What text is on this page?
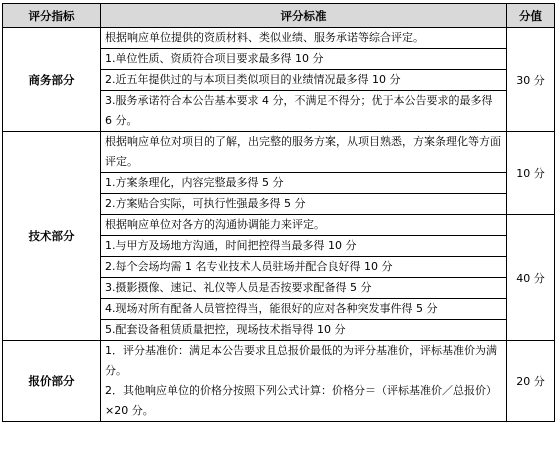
评分指标	评分标准	分值
商务部分	根据响应单位提供的资质材料、类似业绩、服务承诺等综合评定。	30 分
	1.单位性质、资质符合项目要求最多得 10 分	
	2.近五年提供过的与本项目类似项目的业绩情况最多得 10 分	
	3.服务承诺符合本公告基本要求 4 分，不满足不得分；优于本公告要求的最多得 6 分。	
技术部分	根据响应单位对项目的了解，出完整的服务方案，从项目熟悉，方案条理化等方面评定。	10 分
	1.方案条理化，内容完整最多得 5 分	
	2.方案贴合实际，可执行性强最多得 5 分	
	根据响应单位对各方的沟通协调能力来评定。	40 分
	1.与甲方及场地方沟通，时间把控得当最多得 10 分	
	2.每个会场均需 1 名专业技术人员驻场并配合良好得 10 分	
	3.摄影摄像、速记、礼仪等人员是否按要求配备得 5 分	
	4.现场对所有配备人员管控得当，能很好的应对各种突发事件得 5 分	
	5.配套设备租赁质量把控，现场技术指导得 10 分	
报价部分	1．评分基准价：满足本公告要求且总报价最低的为评分基准价，评标基准价为满分。
2．其他响应单位的价格分按照下列公式计算：价格分＝（评标基准价／总报价）×20 分。	20 分
